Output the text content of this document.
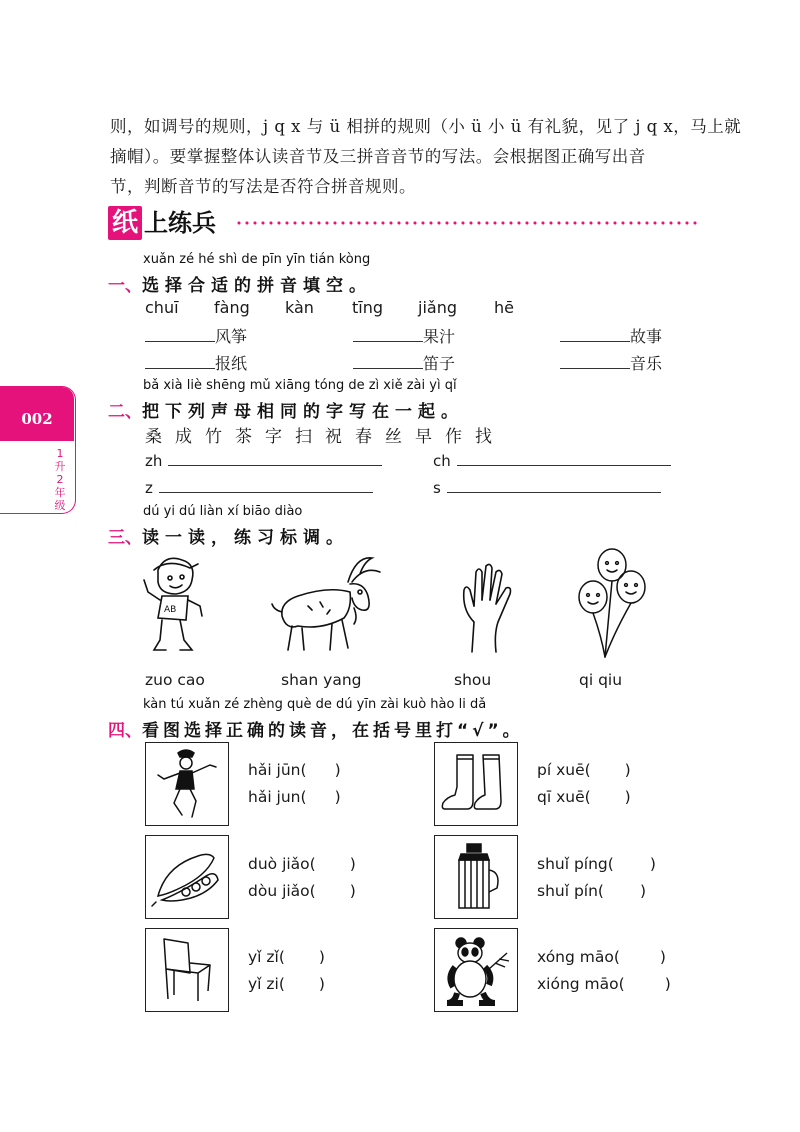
则，如调号的规则，j q x 与 ü 相拼的规则（小 ü 小 ü 有礼貌，见了 j q x，马上就
摘帽）。要掌握整体认读音节及三拼音音节的写法。会根据图正确写出音
节，判断音节的写法是否符合拼音规则。
纸 上练兵
002
1
升
2
年
级
xuǎn zé hé shì de pīn yīn tián kòng
一、选择合适的拼音填空。
chuī fàng kàn tīng jiǎng hē
风筝	果汁	故事
报纸	笛子	音乐
bǎ xià liè shēng mǔ xiāng tóng de zì xiě zài yì qǐ
二、把下列声母相同的字写在一起。
桑 成 竹 茶 字 扫 祝 春 丝 早 作 找
zh	ch
z	s
dú yi dú liàn xí biāo diào
三、读一读，练习标调。
AB
zuo cao	shan yang	shou	qi qiu
kàn tú xuǎn zé zhèng què de dú yīn zài kuò hào li dǎ
四、看图选择正确的读音，在括号里打“√”。
hǎi jūn( )
hǎi jun( )
pí xuē( )
qī xuē( )
duò jiǎo( )
dòu jiǎo( )
shuǐ píng( )
shuǐ pín( )
yǐ zǐ( )
yǐ zi( )
xóng māo(	)
xióng māo(	)
